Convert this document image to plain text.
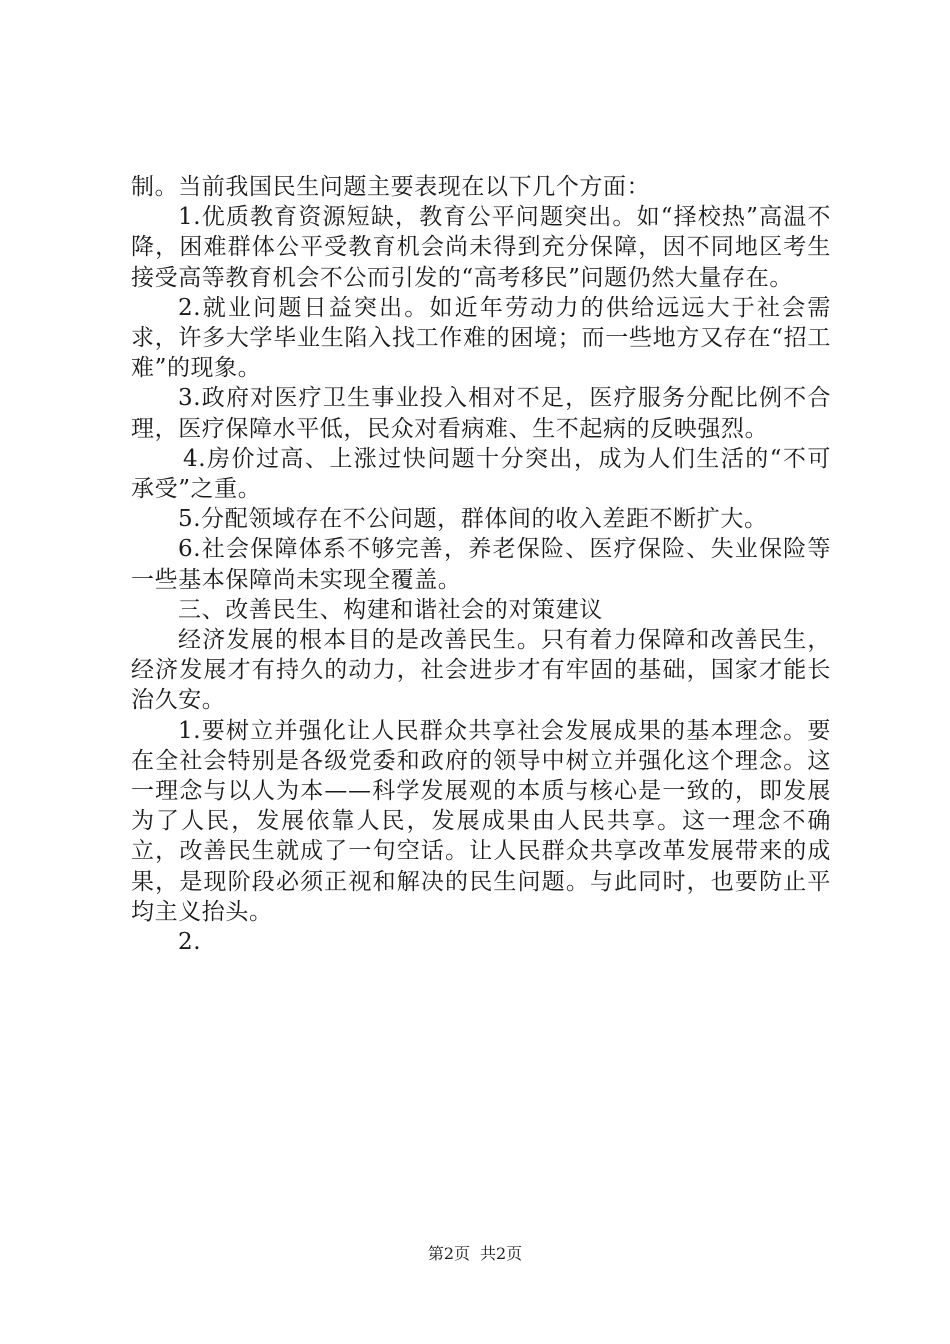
制。当前我国民生问题主要表现在以下几个方面：

1.优质教育资源短缺，教育公平问题突出。如“择校热”高温不降，困难群体公平受教育机会尚未得到充分保障，因不同地区考生接受高等教育机会不公而引发的“高考移民”问题仍然大量存在。

2.就业问题日益突出。如近年劳动力的供给远远大于社会需求，许多大学毕业生陷入找工作难的困境；而一些地方又存在“招工难”的现象。

3.政府对医疗卫生事业投入相对不足，医疗服务分配比例不合理，医疗保障水平低，民众对看病难、生不起病的反映强烈。

4.房价过高、上涨过快问题十分突出，成为人们生活的“不可承受”之重。

5.分配领域存在不公问题，群体间的收入差距不断扩大。

6.社会保障体系不够完善，养老保险、医疗保险、失业保险等一些基本保障尚未实现全覆盖。

三、改善民生、构建和谐社会的对策建议

经济发展的根本目的是改善民生。只有着力保障和改善民生，经济发展才有持久的动力，社会进步才有牢固的基础，国家才能长治久安。

1.要树立并强化让人民群众共享社会发展成果的基本理念。要在全社会特别是各级党委和政府的领导中树立并强化这个理念。这一理念与以人为本——科学发展观的本质与核心是一致的，即发展为了人民，发展依靠人民，发展成果由人民共享。这一理念不确立，改善民生就成了一句空话。让人民群众共享改革发展带来的成果，是现阶段必须正视和解决的民生问题。与此同时，也要防止平均主义抬头。

2.

第2页 共2页
